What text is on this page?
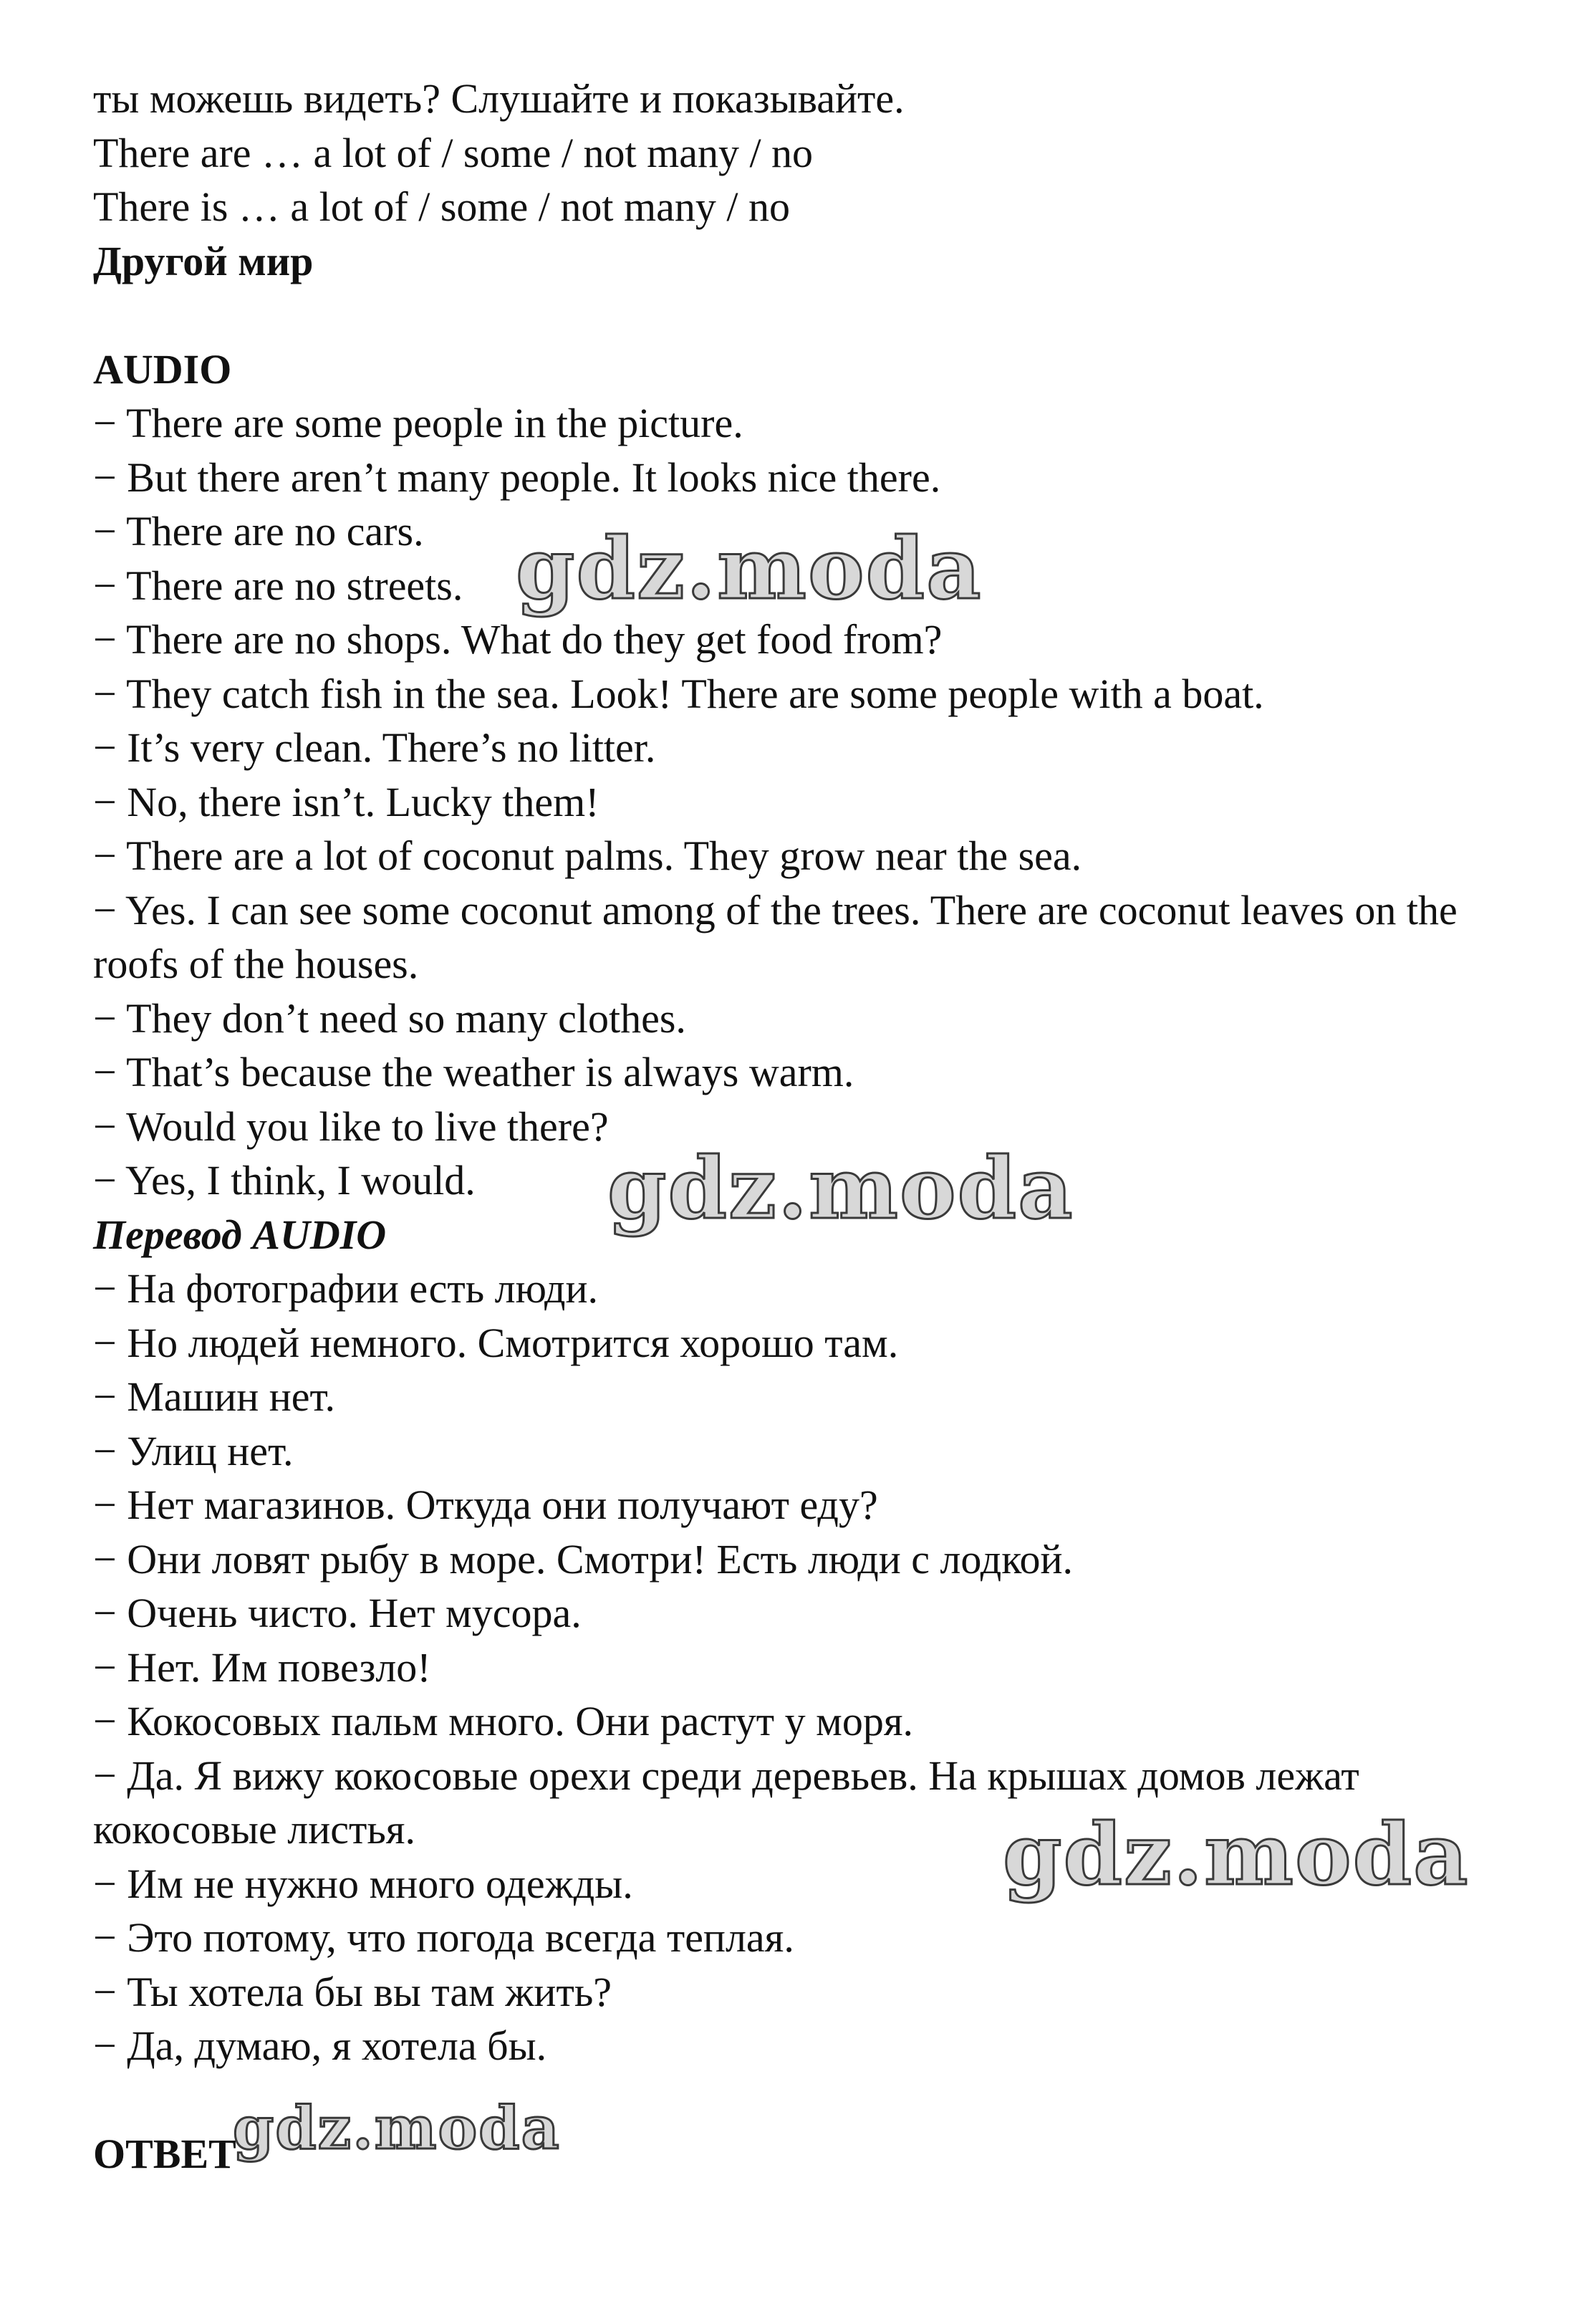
ты можешь видеть? Слушайте и показывайте.
There are … a lot of / some / not many / no
There is … a lot of / some / not many / no
Другой мир
AUDIO
− There are some people in the picture.
− But there aren’t many people. It looks nice there.
− There are no cars.
− There are no streets.
− There are no shops. What do they get food from?
− They catch fish in the sea. Look! There are some people with a boat.
− It’s very clean. There’s no litter.
− No, there isn’t. Lucky them!
− There are a lot of coconut palms. They grow near the sea.
− Yes. I can see some coconut among of the trees. There are coconut leaves on the roofs of the houses.
− They don’t need so many clothes.
− That’s because the weather is always warm.
− Would you like to live there?
− Yes, I think, I would.
Перевод AUDIO
− На фотографии есть люди.
− Но людей немного. Смотрится хорошо там.
− Машин нет.
− Улиц нет.
− Нет магазинов. Откуда они получают еду?
− Они ловят рыбу в море. Смотри! Есть люди с лодкой.
− Очень чисто. Нет мусора.
− Нет. Им повезло!
− Кокосовых пальм много. Они растут у моря.
− Да. Я вижу кокосовые орехи среди деревьев. На крышах домов лежат кокосовые листья.
− Им не нужно много одежды.
− Это потому, что погода всегда теплая.
− Ты хотела бы вы там жить?
− Да, думаю, я хотела бы.
ОТВЕТ
gdz.moda
gdz.moda
gdz.moda
gdz.moda
